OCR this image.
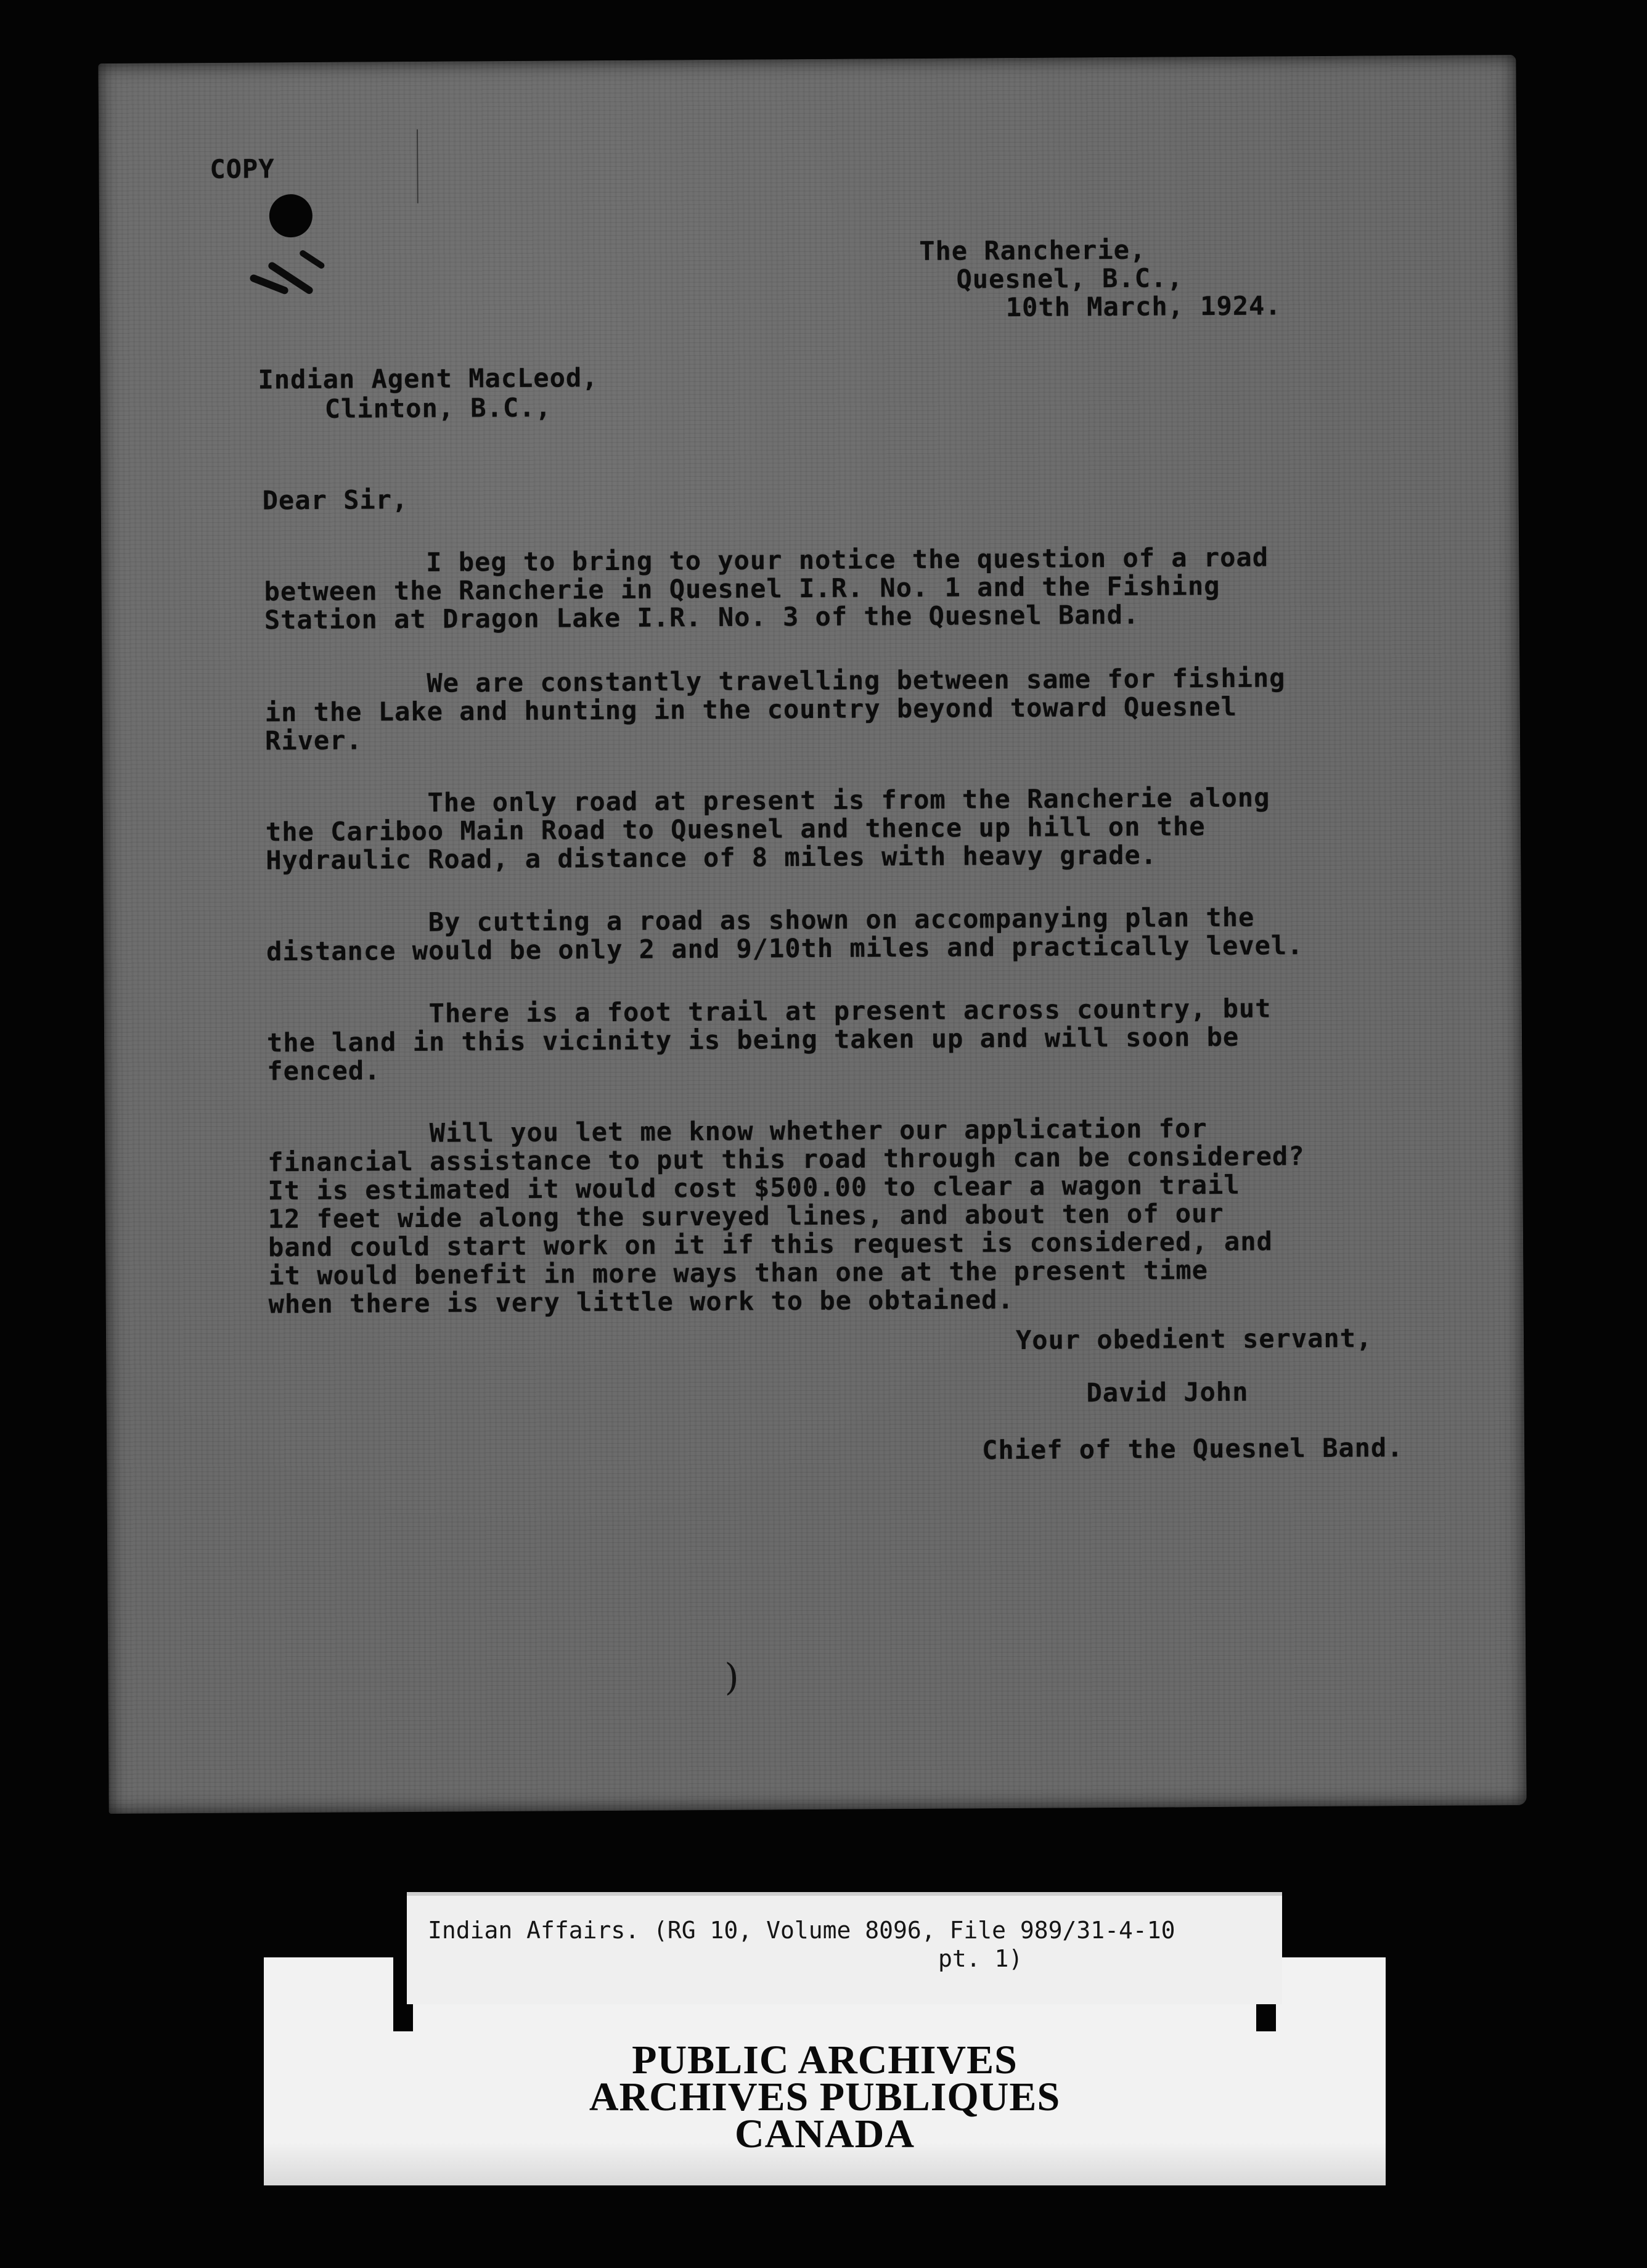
COPY
The Rancherie,
Quesnel, B.C.,
10th March, 1924.
Indian Agent MacLeod,
Clinton, B.C.,
Dear Sir,
I beg to bring to your notice the question of a road
between the Rancherie in Quesnel I.R. No. 1 and the Fishing
Station at Dragon Lake I.R. No. 3 of the Quesnel Band.
We are constantly travelling between same for fishing
in the Lake and hunting in the country beyond toward Quesnel
River.
The only road at present is from the Rancherie along
the Cariboo Main Road to Quesnel and thence up hill on the
Hydraulic Road, a distance of 8 miles with heavy grade.
By cutting a road as shown on accompanying plan the
distance would be only 2 and 9/10th miles and practically level.
There is a foot trail at present across country, but
the land in this vicinity is being taken up and will soon be
fenced.
Will you let me know whether our application for
financial assistance to put this road through can be considered?
It is estimated it would cost $500.00 to clear a wagon trail
12 feet wide along the surveyed lines, and about ten of our
band could start work on it if this request is considered, and
it would benefit in more ways than one at the present time
when there is very little work to be obtained.
Your obedient servant,
David John
Chief of the Quesnel Band.
)
PUBLIC ARCHIVES
ARCHIVES PUBLIQUES
CANADA
Indian Affairs. (RG 10, Volume 8096, File 989/31-4-10
pt. 1)
